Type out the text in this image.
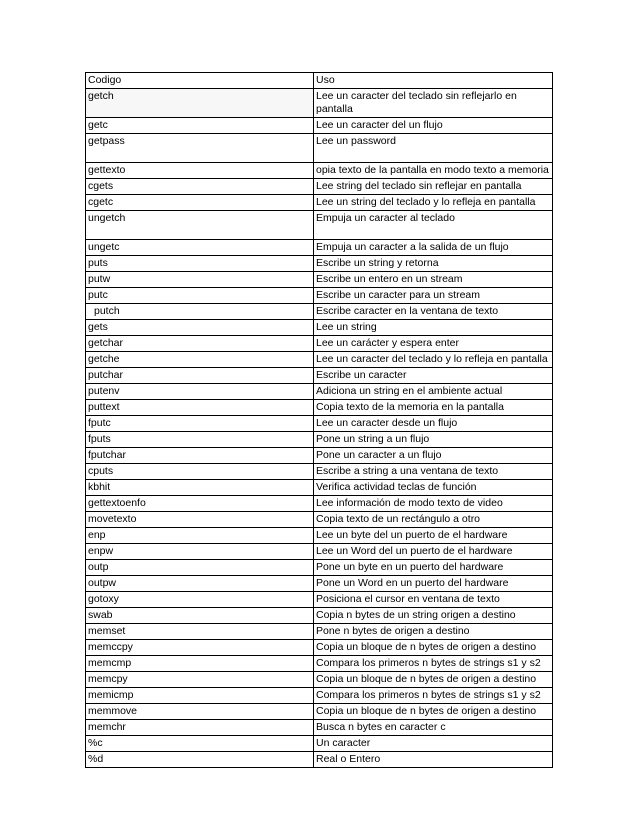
Codigo	Uso
getch	Lee un caracter del teclado sin reflejarlo en pantalla
getc	Lee un caracter del un flujo
getpass	Lee un password
gettexto	opia texto de la pantalla en modo texto a memoria
cgets	Lee string del teclado sin reflejar en pantalla
cgetc	Lee un string del teclado y lo refleja en pantalla
ungetch	Empuja un caracter al teclado
ungetc	Empuja un caracter a la salida de un flujo
puts	Escribe un string y retorna
putw	Escribe un entero en un stream
putc	Escribe un caracter para un stream
putch	Escribe caracter en la ventana de texto
gets	Lee un string
getchar	Lee un carácter y espera enter
getche	Lee un caracter del teclado y lo refleja en pantalla
putchar	Escribe un caracter
putenv	Adiciona un string en el ambiente actual
puttext	Copia texto de la memoria en la pantalla
fputc	Lee un caracter desde un flujo
fputs	Pone un string a un flujo
fputchar	Pone un caracter a un flujo
cputs	Escribe a string a una ventana de texto
kbhit	Verifica actividad teclas de función
gettextoenfo	Lee información de modo texto de video
movetexto	Copia texto de un rectángulo a otro
enp	Lee un byte del un puerto de el hardware
enpw	Lee un Word del un puerto de el hardware
outp	Pone un byte en un puerto del hardware
outpw	Pone un Word en un puerto del hardware
gotoxy	Posiciona el cursor en ventana de texto
swab	Copia n bytes de un string origen a destino
memset	Pone n bytes de origen a destino
memccpy	Copia un bloque de n bytes de origen a destino
memcmp	Compara los primeros n bytes de strings s1 y s2
memcpy	Copia un bloque de n bytes de origen a destino
memicmp	Compara los primeros n bytes de strings s1 y s2
memmove	Copia un bloque de n bytes de origen a destino
memchr	Busca n bytes en caracter c
%c	Un caracter
%d	Real o Entero
